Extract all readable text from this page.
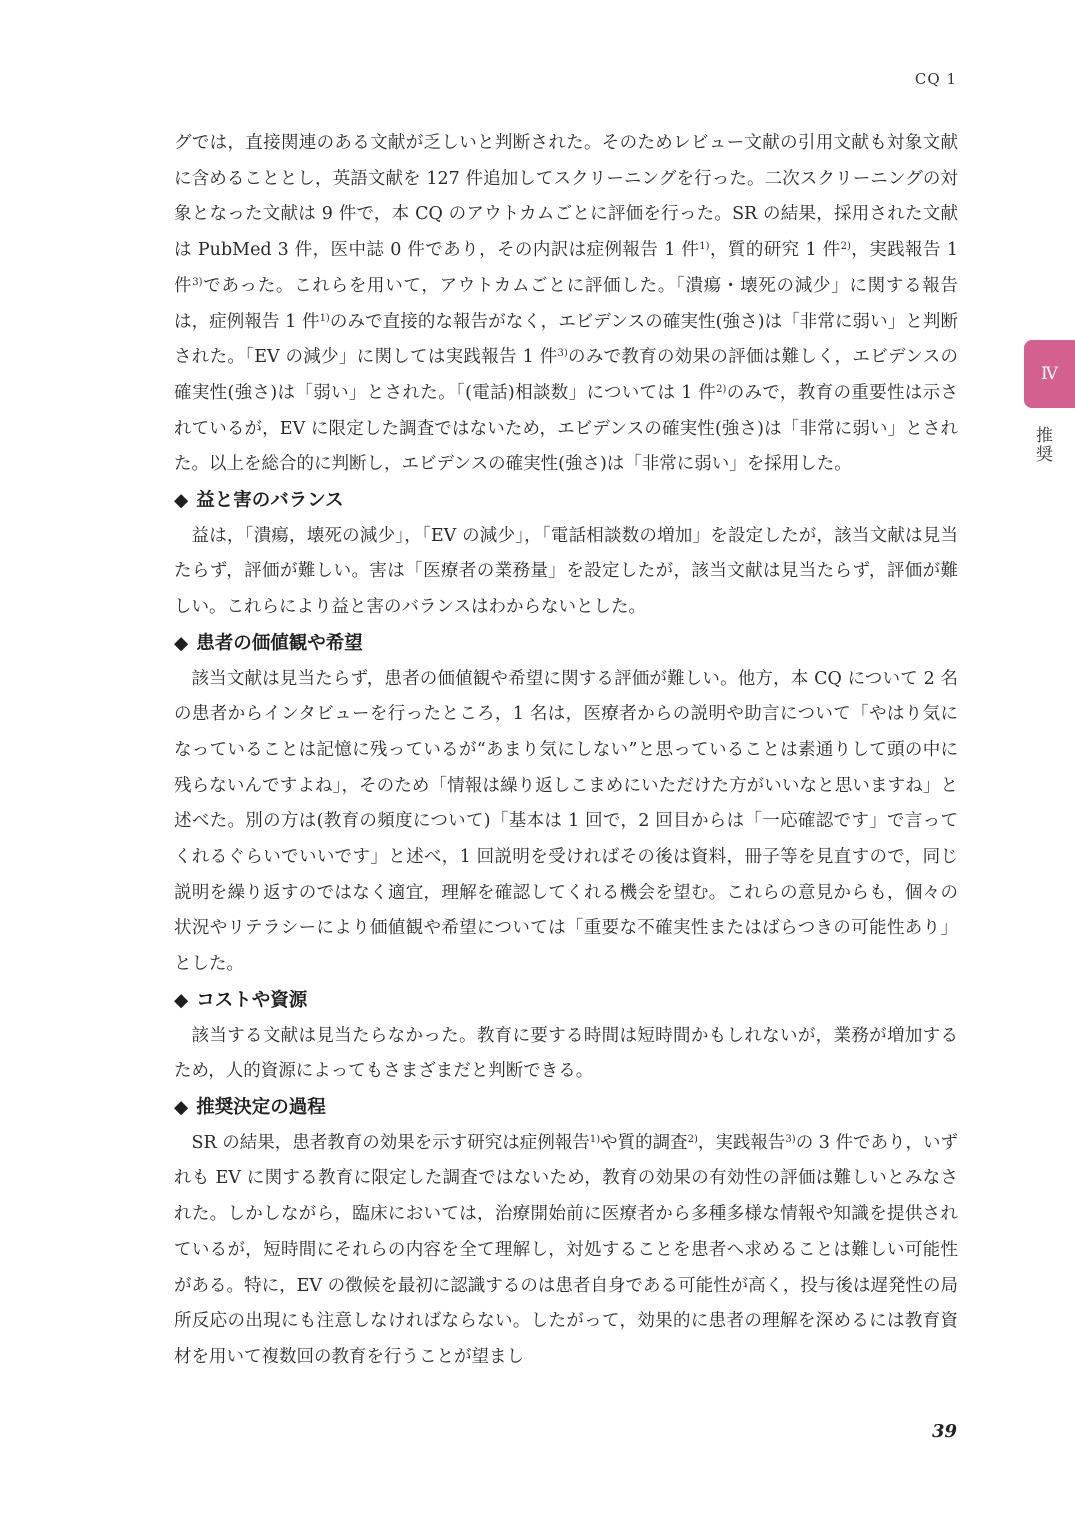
CQ 1
Ⅳ
推奨

グでは，直接関連のある文献が乏しいと判断された。そのためレビュー文献の引用文献も対象文献に含めることとし，英語文献を 127 件追加してスクリーニングを行った。二次スクリーニングの対象となった文献は 9 件で，本 CQ のアウトカムごとに評価を行った。SR の結果，採用された文献は PubMed 3 件，医中誌 0 件であり，その内訳は症例報告 1 件$^{1)}$，質的研究 1 件$^{2)}$，実践報告 1 件$^{3)}$であった。これらを用いて，アウトカムごとに評価した。「潰瘍・壊死の減少」に関する報告は，症例報告 1 件$^{1)}$のみで直接的な報告がなく，エビデンスの確実性(強さ)は「非常に弱い」と判断された。「EV の減少」に関しては実践報告 1 件$^{3)}$のみで教育の効果の評価は難しく，エビデンスの確実性(強さ)は「弱い」とされた。「(電話)相談数」については 1 件$^{2)}$のみで，教育の重要性は示されているが，EV に限定した調査ではないため，エビデンスの確実性(強さ)は「非常に弱い」とされた。以上を総合的に判断し，エビデンスの確実性(強さ)は「非常に弱い」を採用した。

◆ 益と害のバランス

益は，「潰瘍，壊死の減少」，「EV の減少」，「電話相談数の増加」を設定したが，該当文献は見当たらず，評価が難しい。害は「医療者の業務量」を設定したが，該当文献は見当たらず，評価が難しい。これらにより益と害のバランスはわからないとした。

◆ 患者の価値観や希望

該当文献は見当たらず，患者の価値観や希望に関する評価が難しい。他方，本 CQ について 2 名の患者からインタビューを行ったところ，1 名は，医療者からの説明や助言について「やはり気になっていることは記憶に残っているが“あまり気にしない”と思っていることは素通りして頭の中に残らないんですよね」，そのため「情報は繰り返しこまめにいただけた方がいいなと思いますね」と述べた。別の方は(教育の頻度について)「基本は 1 回で，2 回目からは「一応確認です」で言ってくれるぐらいでいいです」と述べ，1 回説明を受ければその後は資料，冊子等を見直すので，同じ説明を繰り返すのではなく適宜，理解を確認してくれる機会を望む。これらの意見からも，個々の状況やリテラシーにより価値観や希望については「重要な不確実性またはばらつきの可能性あり」とした。

◆ コストや資源

該当する文献は見当たらなかった。教育に要する時間は短時間かもしれないが，業務が増加するため，人的資源によってもさまざまだと判断できる。

◆ 推奨決定の過程

SR の結果，患者教育の効果を示す研究は症例報告$^{1)}$や質的調査$^{2)}$，実践報告$^{3)}$の 3 件であり，いずれも EV に関する教育に限定した調査ではないため，教育の効果の有効性の評価は難しいとみなされた。しかしながら，臨床においては，治療開始前に医療者から多種多様な情報や知識を提供されているが，短時間にそれらの内容を全て理解し，対処することを患者へ求めることは難しい可能性がある。特に，EV の徴候を最初に認識するのは患者自身である可能性が高く，投与後は遅発性の局所反応の出現にも注意しなければならない。したがって，効果的に患者の理解を深めるには教育資材を用いて複数回の教育を行うことが望まし

39
